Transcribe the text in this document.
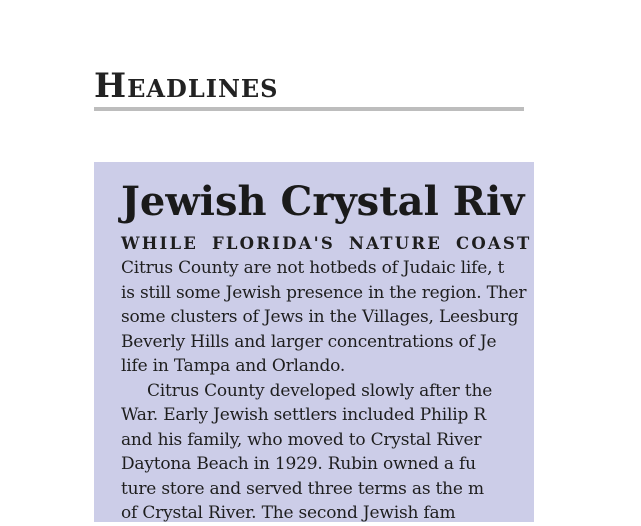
Headlines
Jewish Crystal Riv
WHILE FLORIDA'S NATURE COAST
Citrus County are not hotbeds of Judaic life, t
is still some Jewish presence in the region. Ther
some clusters of Jews in the Villages, Leesburg
Beverly Hills and larger concentrations of Je
life in Tampa and Orlando.
Citrus County developed slowly after the
War. Early Jewish settlers included Philip R
and his family, who moved to Crystal River
Daytona Beach in 1929. Rubin owned a fu
ture store and served three terms as the m
of Crystal River. The second Jewish fam
